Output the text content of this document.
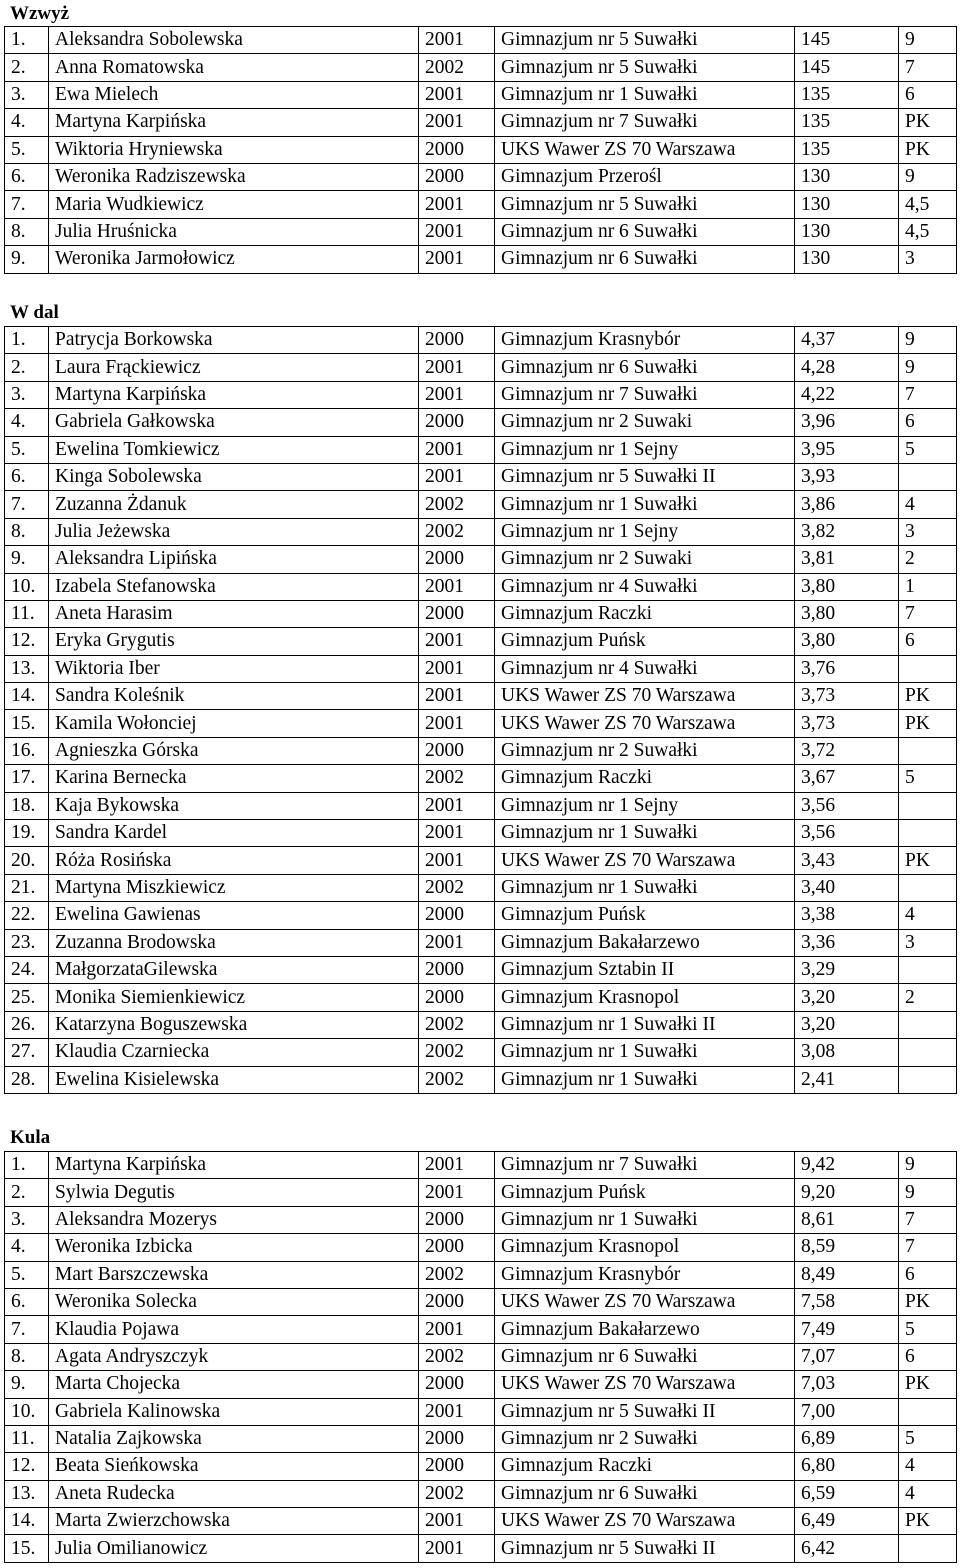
Wzwyż
1.	Aleksandra Sobolewska	2001	Gimnazjum nr 5 Suwałki	145	9
2.	Anna Romatowska	2002	Gimnazjum nr 5 Suwałki	145	7
3.	Ewa Mielech	2001	Gimnazjum nr 1 Suwałki	135	6
4.	Martyna Karpińska	2001	Gimnazjum nr 7 Suwałki	135	PK
5.	Wiktoria Hryniewska	2000	UKS Wawer ZS 70 Warszawa	135	PK
6.	Weronika Radziszewska	2000	Gimnazjum Przerośl	130	9
7.	Maria Wudkiewicz	2001	Gimnazjum nr 5 Suwałki	130	4,5
8.	Julia Hruśnicka	2001	Gimnazjum nr 6 Suwałki	130	4,5
9.	Weronika Jarmołowicz	2001	Gimnazjum nr 6 Suwałki	130	3
W dal
1.	Patrycja Borkowska	2000	Gimnazjum Krasnybór	4,37	9
2.	Laura Frąckiewicz	2001	Gimnazjum nr 6 Suwałki	4,28	9
3.	Martyna Karpińska	2001	Gimnazjum nr 7 Suwałki	4,22	7
4.	Gabriela Gałkowska	2000	Gimnazjum nr 2 Suwaki	3,96	6
5.	Ewelina Tomkiewicz	2001	Gimnazjum nr 1 Sejny	3,95	5
6.	Kinga Sobolewska	2001	Gimnazjum nr 5 Suwałki II	3,93	
7.	Zuzanna Żdanuk	2002	Gimnazjum nr 1 Suwałki	3,86	4
8.	Julia Jeżewska	2002	Gimnazjum nr 1 Sejny	3,82	3
9.	Aleksandra Lipińska	2000	Gimnazjum nr 2 Suwaki	3,81	2
10.	Izabela Stefanowska	2001	Gimnazjum nr 4 Suwałki	3,80	1
11.	Aneta Harasim	2000	Gimnazjum Raczki	3,80	7
12.	Eryka Grygutis	2001	Gimnazjum Puńsk	3,80	6
13.	Wiktoria Iber	2001	Gimnazjum nr 4 Suwałki	3,76	
14.	Sandra Koleśnik	2001	UKS Wawer ZS 70 Warszawa	3,73	PK
15.	Kamila Wołonciej	2001	UKS Wawer ZS 70 Warszawa	3,73	PK
16.	Agnieszka Górska	2000	Gimnazjum nr 2 Suwałki	3,72	
17.	Karina Bernecka	2002	Gimnazjum Raczki	3,67	5
18.	Kaja Bykowska	2001	Gimnazjum nr 1 Sejny	3,56	
19.	Sandra Kardel	2001	Gimnazjum nr 1 Suwałki	3,56	
20.	Róża Rosińska	2001	UKS Wawer ZS 70 Warszawa	3,43	PK
21.	Martyna Miszkiewicz	2002	Gimnazjum nr 1 Suwałki	3,40	
22.	Ewelina Gawienas	2000	Gimnazjum Puńsk	3,38	4
23.	Zuzanna Brodowska	2001	Gimnazjum Bakałarzewo	3,36	3
24.	MałgorzataGilewska	2000	Gimnazjum Sztabin II	3,29	
25.	Monika Siemienkiewicz	2000	Gimnazjum Krasnopol	3,20	2
26.	Katarzyna Boguszewska	2002	Gimnazjum nr 1 Suwałki II	3,20	
27.	Klaudia Czarniecka	2002	Gimnazjum nr 1 Suwałki	3,08	
28.	Ewelina Kisielewska	2002	Gimnazjum nr 1 Suwałki	2,41	
Kula
1.	Martyna Karpińska	2001	Gimnazjum nr 7 Suwałki	9,42	9
2.	Sylwia Degutis	2001	Gimnazjum Puńsk	9,20	9
3.	Aleksandra Mozerys	2000	Gimnazjum nr 1 Suwałki	8,61	7
4.	Weronika Izbicka	2000	Gimnazjum Krasnopol	8,59	7
5.	Mart Barszczewska	2002	Gimnazjum Krasnybór	8,49	6
6.	Weronika Solecka	2000	UKS Wawer ZS 70 Warszawa	7,58	PK
7.	Klaudia Pojawa	2001	Gimnazjum Bakałarzewo	7,49	5
8.	Agata Andryszczyk	2002	Gimnazjum nr 6 Suwałki	7,07	6
9.	Marta Chojecka	2000	UKS Wawer ZS 70 Warszawa	7,03	PK
10.	Gabriela Kalinowska	2001	Gimnazjum nr 5 Suwałki II	7,00	
11.	Natalia Zajkowska	2000	Gimnazjum nr 2 Suwałki	6,89	5
12.	Beata Sieńkowska	2000	Gimnazjum Raczki	6,80	4
13.	Aneta Rudecka	2002	Gimnazjum nr 6 Suwałki	6,59	4
14.	Marta Zwierzchowska	2001	UKS Wawer ZS 70 Warszawa	6,49	PK
15.	Julia Omilianowicz	2001	Gimnazjum nr 5 Suwałki II	6,42	
